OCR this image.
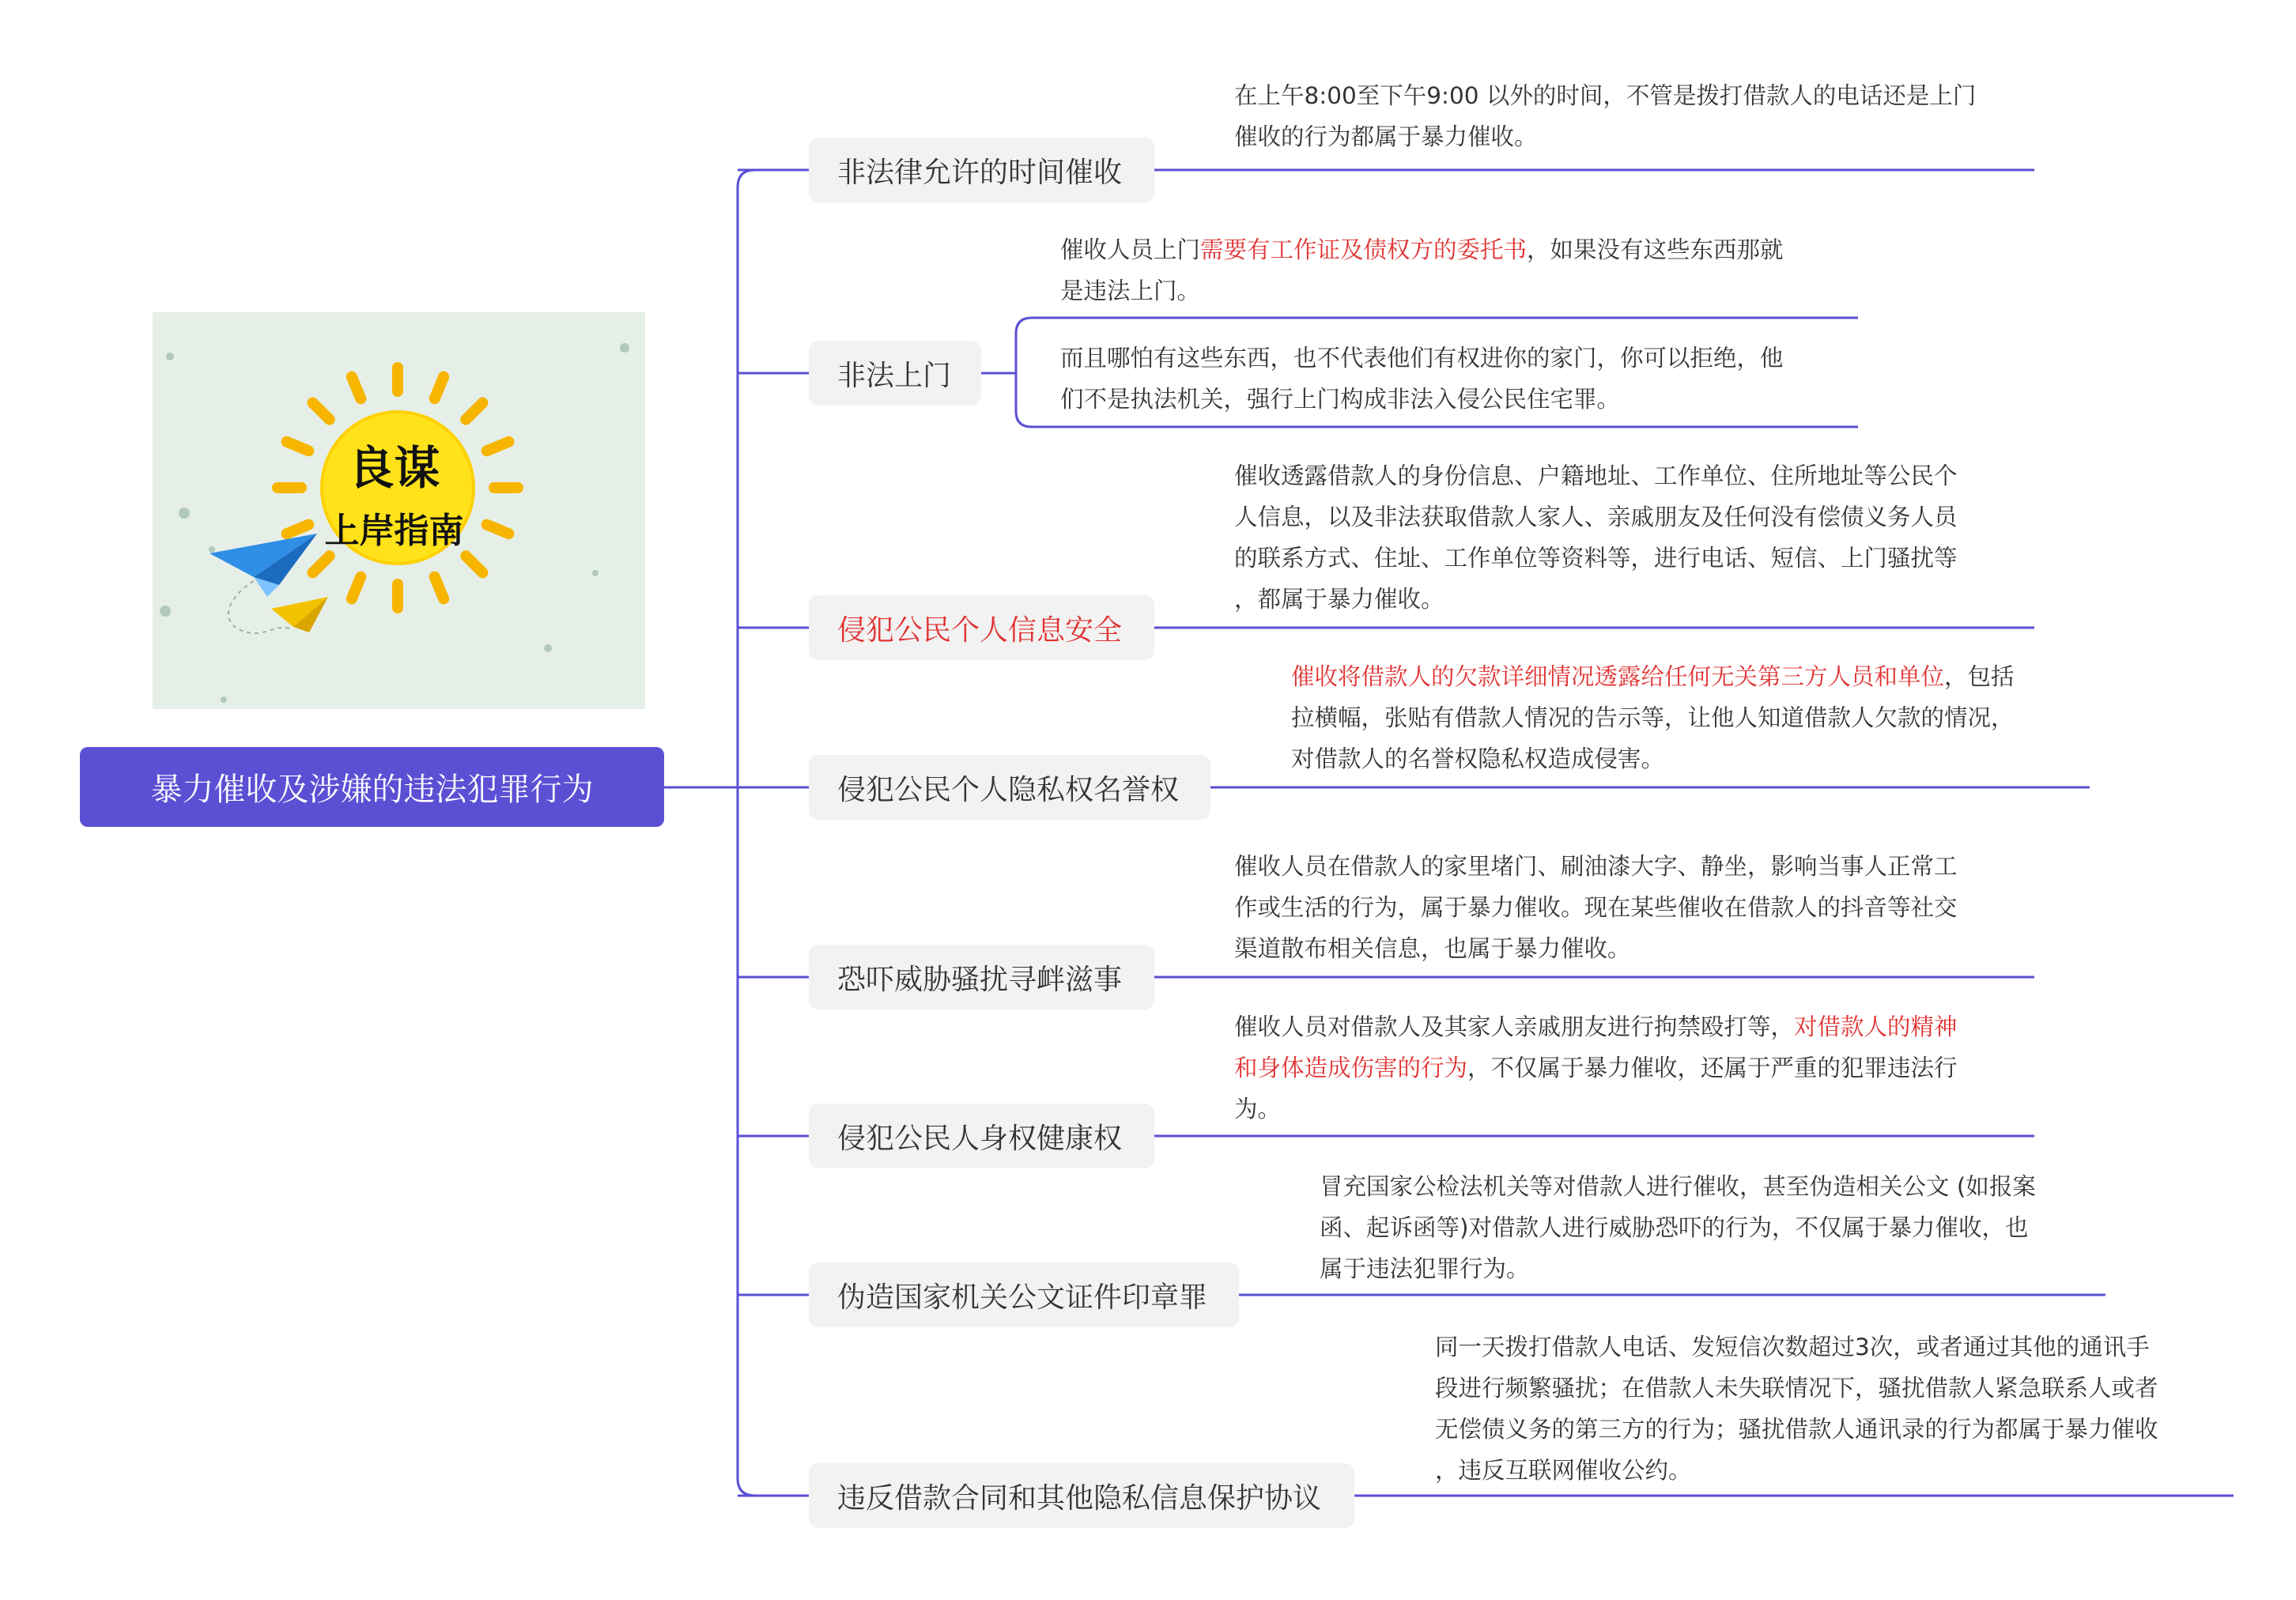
良谋
上岸指南
暴力催收及涉嫌的违法犯罪行为
非法律允许的时间催收
在上午8:00至下午9:00 以外的时间，不管是拨打借款人的电话还是上门
催收的行为都属于暴力催收。
非法上门
催收人员上门需要有工作证及债权方的委托书，如果没有这些东西那就
是违法上门。
而且哪怕有这些东西，也不代表他们有权进你的家门，你可以拒绝，他
们不是执法机关，强行上门构成非法入侵公民住宅罪。
侵犯公民个人信息安全
催收透露借款人的身份信息、户籍地址、工作单位、住所地址等公民个
人信息，以及非法获取借款人家人、亲戚朋友及任何没有偿债义务人员
的联系方式、住址、工作单位等资料等，进行电话、短信、上门骚扰等
，都属于暴力催收。
侵犯公民个人隐私权名誉权
催收将借款人的欠款详细情况透露给任何无关第三方人员和单位，包括
拉横幅，张贴有借款人情况的告示等，让他人知道借款人欠款的情况，
对借款人的名誉权隐私权造成侵害。
恐吓威胁骚扰寻衅滋事
催收人员在借款人的家里堵门、刷油漆大字、静坐，影响当事人正常工
作或生活的行为，属于暴力催收。现在某些催收在借款人的抖音等社交
渠道散布相关信息，也属于暴力催收。
侵犯公民人身权健康权
催收人员对借款人及其家人亲戚朋友进行拘禁殴打等，对借款人的精神
和身体造成伤害的行为，不仅属于暴力催收，还属于严重的犯罪违法行
为。
伪造国家机关公文证件印章罪
冒充国家公检法机关等对借款人进行催收，甚至伪造相关公文 (如报案
函、起诉函等)对借款人进行威胁恐吓的行为，不仅属于暴力催收，也
属于违法犯罪行为。
违反借款合同和其他隐私信息保护协议
同一天拨打借款人电话、发短信次数超过3次，或者通过其他的通讯手
段进行频繁骚扰；在借款人未失联情况下，骚扰借款人紧急联系人或者
无偿债义务的第三方的行为；骚扰借款人通讯录的行为都属于暴力催收
，违反互联网催收公约。
